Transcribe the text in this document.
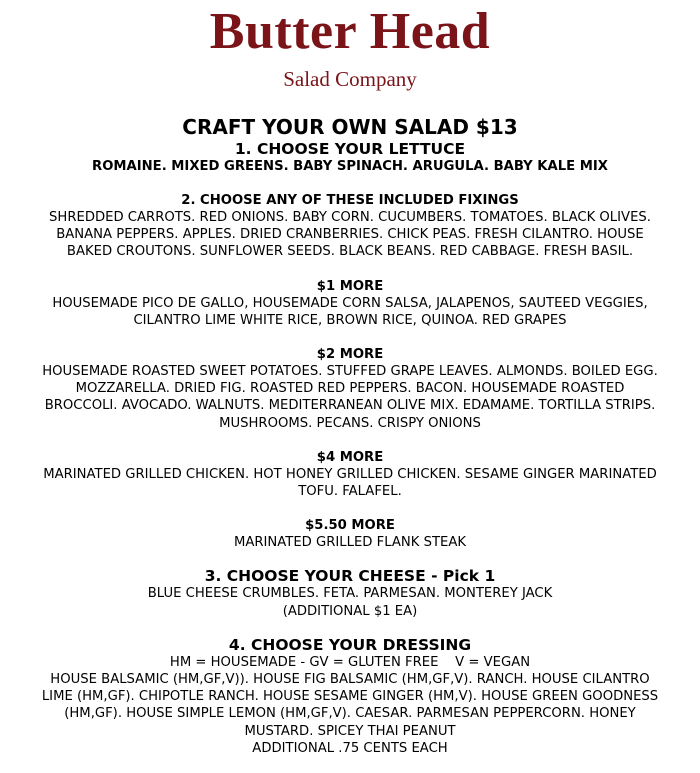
Butter Head
Salad Company
CRAFT YOUR OWN SALAD $13
1. CHOOSE YOUR LETTUCE
ROMAINE. MIXED GREENS. BABY SPINACH. ARUGULA. BABY KALE MIX
2. CHOOSE ANY OF THESE INCLUDED FIXINGS
SHREDDED CARROTS. RED ONIONS. BABY CORN. CUCUMBERS. TOMATOES. BLACK OLIVES.
BANANA PEPPERS. APPLES. DRIED CRANBERRIES. CHICK PEAS. FRESH CILANTRO. HOUSE
BAKED CROUTONS. SUNFLOWER SEEDS. BLACK BEANS. RED CABBAGE. FRESH BASIL.
$1 MORE
HOUSEMADE PICO DE GALLO, HOUSEMADE CORN SALSA, JALAPENOS, SAUTEED VEGGIES,
CILANTRO LIME WHITE RICE, BROWN RICE, QUINOA. RED GRAPES
$2 MORE
HOUSEMADE ROASTED SWEET POTATOES. STUFFED GRAPE LEAVES. ALMONDS. BOILED EGG.
MOZZARELLA. DRIED FIG. ROASTED RED PEPPERS. BACON. HOUSEMADE ROASTED
BROCCOLI. AVOCADO. WALNUTS. MEDITERRANEAN OLIVE MIX. EDAMAME. TORTILLA STRIPS.
MUSHROOMS. PECANS. CRISPY ONIONS
$4 MORE
MARINATED GRILLED CHICKEN. HOT HONEY GRILLED CHICKEN. SESAME GINGER MARINATED
TOFU. FALAFEL.
$5.50 MORE
MARINATED GRILLED FLANK STEAK
3. CHOOSE YOUR CHEESE - Pick 1
BLUE CHEESE CRUMBLES. FETA. PARMESAN. MONTEREY JACK
(ADDITIONAL $1 EA)
4. CHOOSE YOUR DRESSING
HM = HOUSEMADE - GV = GLUTEN FREE    V = VEGAN
HOUSE BALSAMIC (HM,GF,V)). HOUSE FIG BALSAMIC (HM,GF,V). RANCH. HOUSE CILANTRO
LIME (HM,GF). CHIPOTLE RANCH. HOUSE SESAME GINGER (HM,V). HOUSE GREEN GOODNESS
(HM,GF). HOUSE SIMPLE LEMON (HM,GF,V). CAESAR. PARMESAN PEPPERCORN. HONEY
MUSTARD. SPICEY THAI PEANUT
ADDITIONAL .75 CENTS EACH
